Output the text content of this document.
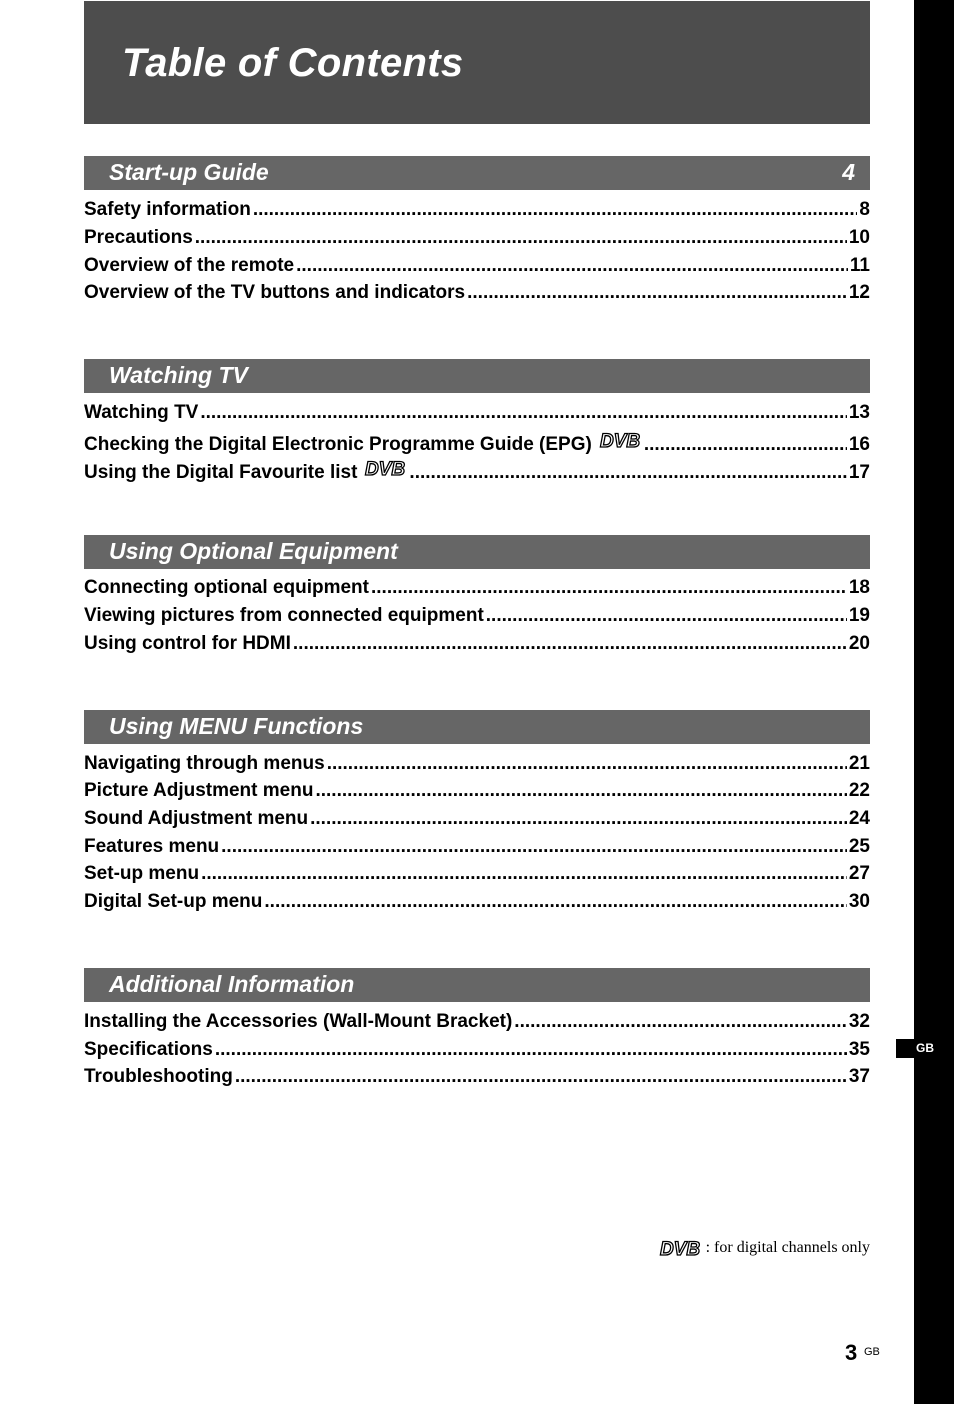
Table of Contents
GB
Start-up Guide	4
Safety information .....	8
Precautions .....	10
Overview of the remote .....	11
Overview of the TV buttons and indicators .....	12
Watching TV
Watching TV .....	13
Checking the Digital Electronic Programme Guide (EPG) DVB .....	16
Using the Digital Favourite list DVB .....	17
Using Optional Equipment
Connecting optional equipment .....	18
Viewing pictures from connected equipment .....	19
Using control for HDMI .....	20
Using MENU Functions
Navigating through menus .....	21
Picture Adjustment menu .....	22
Sound Adjustment menu .....	24
Features menu .....	25
Set-up menu .....	27
Digital Set-up menu .....	30
Additional Information
Installing the Accessories (Wall-Mount Bracket) .....	32
Specifications .....	35
Troubleshooting .....	37
DVB : for digital channels only
3 GB
